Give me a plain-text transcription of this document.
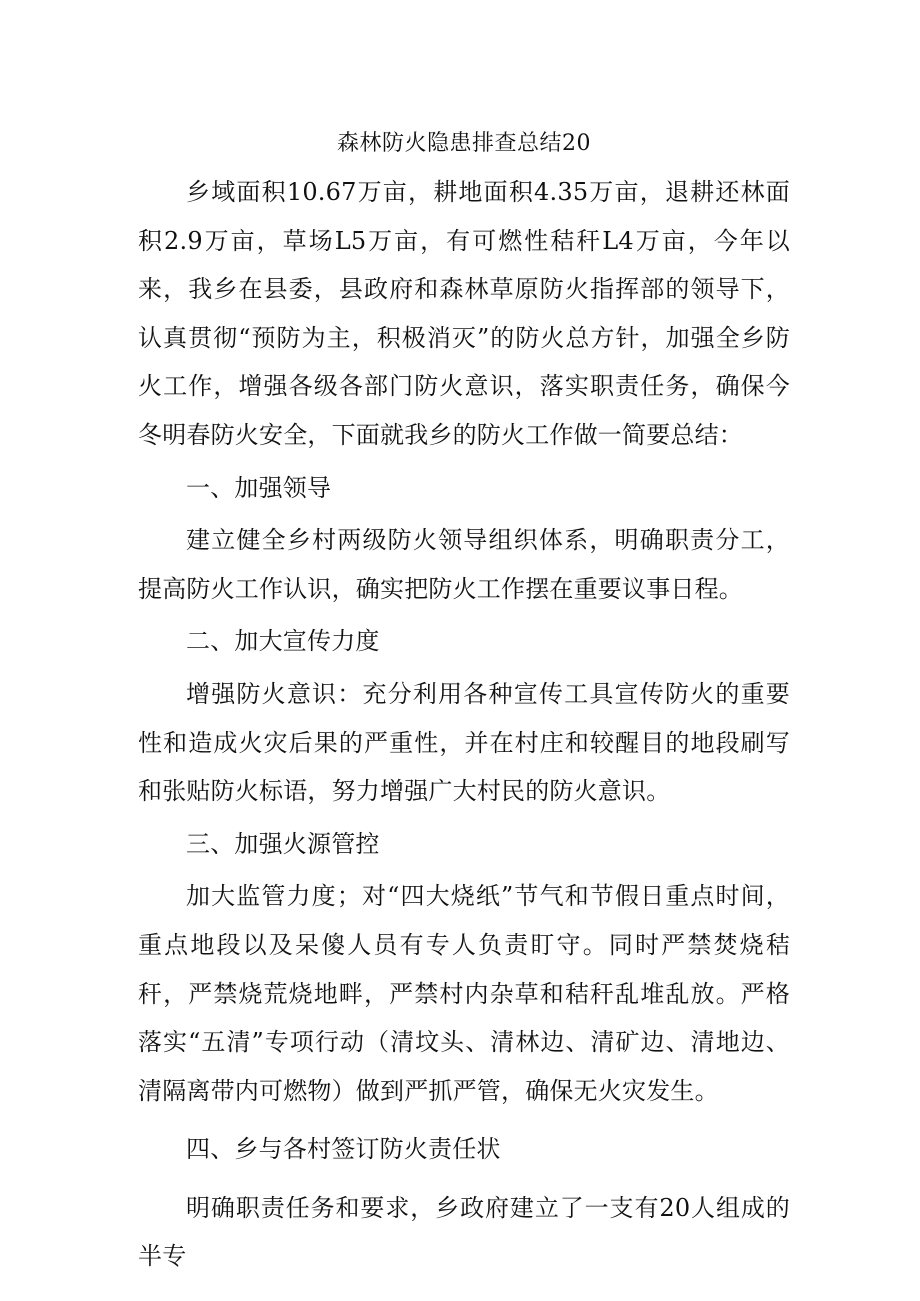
森林防火隐患排查总结20

乡域面积10.67万亩，耕地面积4.35万亩，退耕还林面积2.9万亩，草场L5万亩，有可燃性秸秆L4万亩，今年以来，我乡在县委，县政府和森林草原防火指挥部的领导下，认真贯彻“预防为主，积极消灭”的防火总方针，加强全乡防火工作，增强各级各部门防火意识，落实职责任务，确保今冬明春防火安全，下面就我乡的防火工作做一简要总结：

一、加强领导

建立健全乡村两级防火领导组织体系，明确职责分工，提高防火工作认识，确实把防火工作摆在重要议事日程。

二、加大宣传力度

增强防火意识：充分利用各种宣传工具宣传防火的重要性和造成火灾后果的严重性，并在村庄和较醒目的地段刷写和张贴防火标语，努力增强广大村民的防火意识。

三、加强火源管控

加大监管力度；对“四大烧纸”节气和节假日重点时间，重点地段以及呆傻人员有专人负责盯守。同时严禁焚烧秸秆，严禁烧荒烧地畔，严禁村内杂草和秸秆乱堆乱放。严格落实“五清”专项行动（清坟头、清林边、清矿边、清地边、清隔离带内可燃物）做到严抓严管，确保无火灾发生。

四、乡与各村签订防火责任状

明确职责任务和要求，乡政府建立了一支有20人组成的半专
